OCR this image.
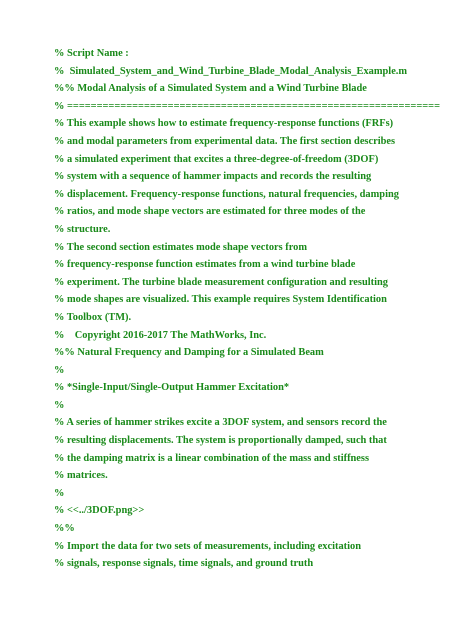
% Script Name :
%  Simulated_System_and_Wind_Turbine_Blade_Modal_Analysis_Example.m
%% Modal Analysis of a Simulated System and a Wind Turbine Blade
% ===============================================================
% This example shows how to estimate frequency-response functions (FRFs)
% and modal parameters from experimental data. The first section describes
% a simulated experiment that excites a three-degree-of-freedom (3DOF)
% system with a sequence of hammer impacts and records the resulting
% displacement. Frequency-response functions, natural frequencies, damping
% ratios, and mode shape vectors are estimated for three modes of the
% structure.
% The second section estimates mode shape vectors from
% frequency-response function estimates from a wind turbine blade
% experiment. The turbine blade measurement configuration and resulting
% mode shapes are visualized. This example requires System Identification
% Toolbox (TM).
%    Copyright 2016-2017 The MathWorks, Inc.
%% Natural Frequency and Damping for a Simulated Beam
%
% *Single-Input/Single-Output Hammer Excitation*
%
% A series of hammer strikes excite a 3DOF system, and sensors record the
% resulting displacements. The system is proportionally damped, such that
% the damping matrix is a linear combination of the mass and stiffness
% matrices.
%
% <<../3DOF.png>>
%%
% Import the data for two sets of measurements, including excitation
% signals, response signals, time signals, and ground truth
